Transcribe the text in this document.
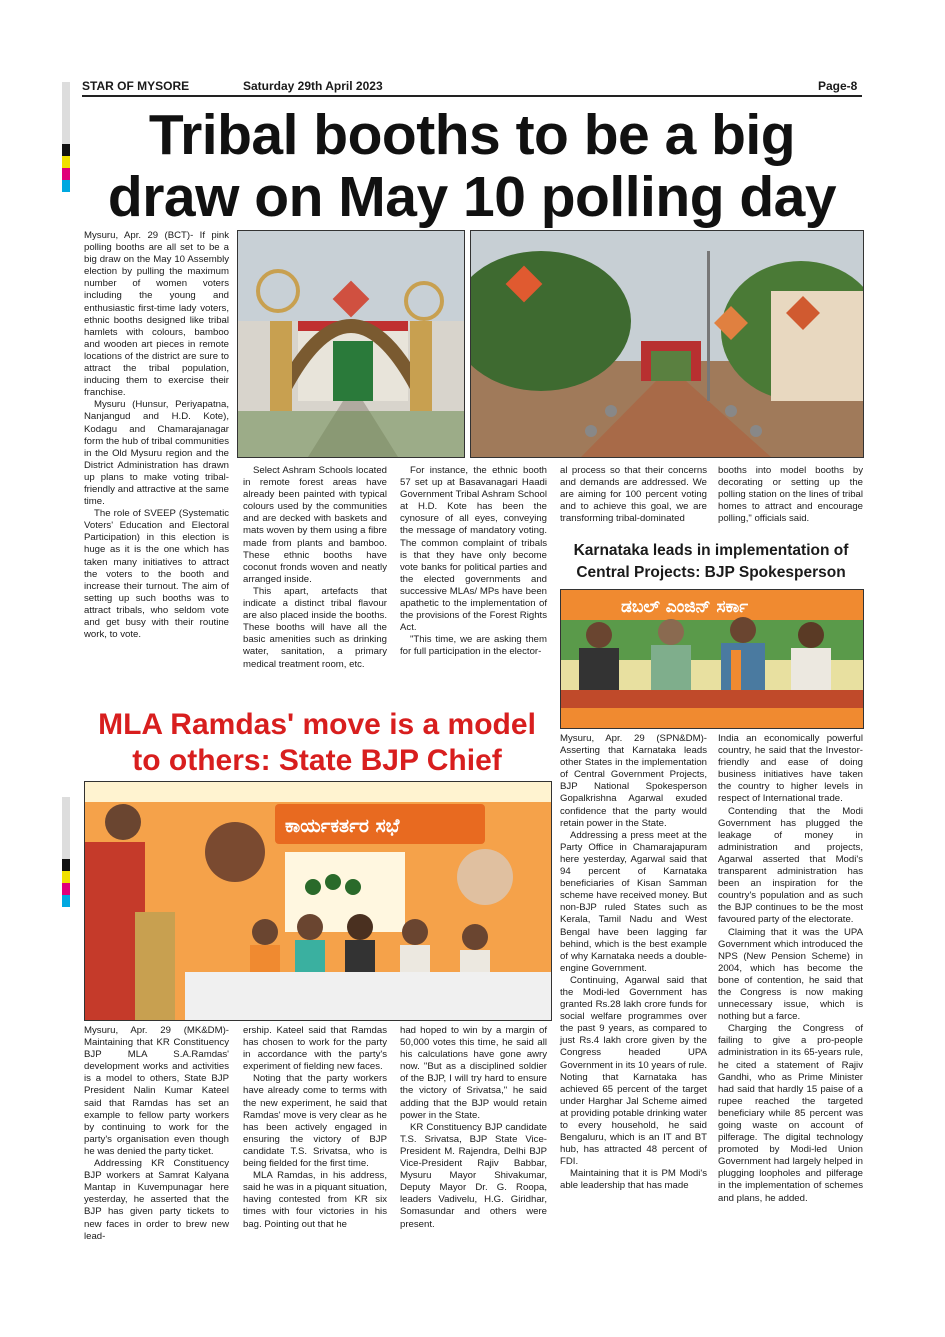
STAR OF MYSORE	Saturday 29th April 2023	Page-8
Tribal booths to be a big
draw on May 10 polling day

Mysuru, Apr. 29 (BCT)- If pink polling booths are all set to be a big draw on the May 10 Assembly election by pulling the maximum number of women voters including the young and enthusiastic first-time lady voters, ethnic booths designed like tribal hamlets with colours, bamboo and wooden art pieces in remote locations of the district are sure to attract the tribal population, inducing them to exercise their franchise.

Mysuru (Hunsur, Periyapatna, Nanjangud and H.D. Kote), Kodagu and Chamarajanagar form the hub of tribal communities in the Old Mysuru region and the District Administration has drawn up plans to make voting tribal-friendly and attractive at the same time.

The role of SVEEP (Systematic Voters' Education and Electoral Participation) in this election is huge as it is the one which has taken many initiatives to attract the voters to the booth and increase their turnout. The aim of setting up such booths was to attract tribals, who seldom vote and get busy with their routine work, to vote.

Select Ashram Schools located in remote forest areas have already been painted with typical colours used by the communities and are decked with baskets and mats woven by them using a fibre made from plants and bamboo. These ethnic booths have coconut fronds woven and neatly arranged inside.

This apart, artefacts that indicate a distinct tribal flavour are also placed inside the booths. These booths will have all the basic amenities such as drinking water, sanitation, a primary medical treatment room, etc.

For instance, the ethnic booth 57 set up at Basavanagari Haadi Government Tribal Ashram School at H.D. Kote has been the cynosure of all eyes, conveying the message of mandatory voting. The common complaint of tribals is that they have only become vote banks for political parties and the elected governments and successive MLAs/ MPs have been apathetic to the implementation of the provisions of the Forest Rights Act.

"This time, we are asking them for full participation in the elector-

al process so that their concerns and demands are addressed. We are aiming for 100 percent voting and to achieve this goal, we are transforming tribal-dominated

booths into model booths by decorating or setting up the polling station on the lines of tribal homes to attract and encourage polling," officials said.

Karnataka leads in implementation of
Central Projects: BJP Spokesperson
ಡಬಲ್ ಎಂಜಿನ್ ಸರ್ಕಾ

Mysuru, Apr. 29 (SPN&DM)- Asserting that Karnataka leads other States in the implementation of Central Government Projects, BJP National Spokesperson Gopalkrishna Agarwal exuded confidence that the party would retain power in the State.

Addressing a press meet at the Party Office in Chamarajapuram here yesterday, Agarwal said that 94 percent of Karnataka beneficiaries of Kisan Samman scheme have received money. But non-BJP ruled States such as Kerala, Tamil Nadu and West Bengal have been lagging far behind, which is the best example of why Karnataka needs a double-engine Government.

Continuing, Agarwal said that the Modi-led Government has granted Rs.28 lakh crore funds for social welfare programmes over the past 9 years, as compared to just Rs.4 lakh crore given by the Congress headed UPA Government in its 10 years of rule. Noting that Karnataka has achieved 65 percent of the target under Harghar Jal Scheme aimed at providing potable drinking water to every household, he said Bengaluru, which is an IT and BT hub, has attracted 48 percent of FDI.

Maintaining that it is PM Modi's able leadership that has made

India an economically powerful country, he said that the Investor-friendly and ease of doing business initiatives have taken the country to higher levels in respect of International trade.

Contending that the Modi Government has plugged the leakage of money in administration and projects, Agarwal asserted that Modi's transparent administration has been an inspiration for the country's population and as such the BJP continues to be the most favoured party of the electorate.

Claiming that it was the UPA Government which introduced the NPS (New Pension Scheme) in 2004, which has become the bone of contention, he said that the Congress is now making unnecessary issue, which is nothing but a farce.

Charging the Congress of failing to give a pro-people administration in its 65-years rule, he cited a statement of Rajiv Gandhi, who as Prime Minister had said that hardly 15 paise of a rupee reached the targeted beneficiary while 85 percent was going waste on account of pilferage. The digital technology promoted by Modi-led Union Government had largely helped in plugging loopholes and pilferage in the implementation of schemes and plans, he added.

MLA Ramdas' move is a model
to others: State BJP Chief
ಕಾರ್ಯಕರ್ತರ ಸಭೆ

Mysuru, Apr. 29 (MK&DM)- Maintaining that KR Constituency BJP MLA S.A.Ramdas' development works and activities is a model to others, State BJP President Nalin Kumar Kateel said that Ramdas has set an example to fellow party workers by continuing to work for the party's organisation even though he was denied the party ticket.

Addressing KR Constituency BJP workers at Samrat Kalyana Mantap in Kuvempunagar here yesterday, he asserted that the BJP has given party tickets to new faces in order to brew new lead-

ership. Kateel said that Ramdas has chosen to work for the party in accordance with the party's experiment of fielding new faces.

Noting that the party workers have already come to terms with the new experiment, he said that Ramdas' move is very clear as he has been actively engaged in ensuring the victory of BJP candidate T.S. Srivatsa, who is being fielded for the first time.

MLA Ramdas, in his address, said he was in a piquant situation, having contested from KR six times with four victories in his bag. Pointing out that he

had hoped to win by a margin of 50,000 votes this time, he said all his calculations have gone awry now. "But as a disciplined soldier of the BJP, I will try hard to ensure the victory of Srivatsa," he said adding that the BJP would retain power in the State.

KR Constituency BJP candidate T.S. Srivatsa, BJP State Vice-President M. Rajendra, Delhi BJP Vice-President Rajiv Babbar, Mysuru Mayor Shivakumar, Deputy Mayor Dr. G. Roopa, leaders Vadivelu, H.G. Giridhar, Somasundar and others were present.
